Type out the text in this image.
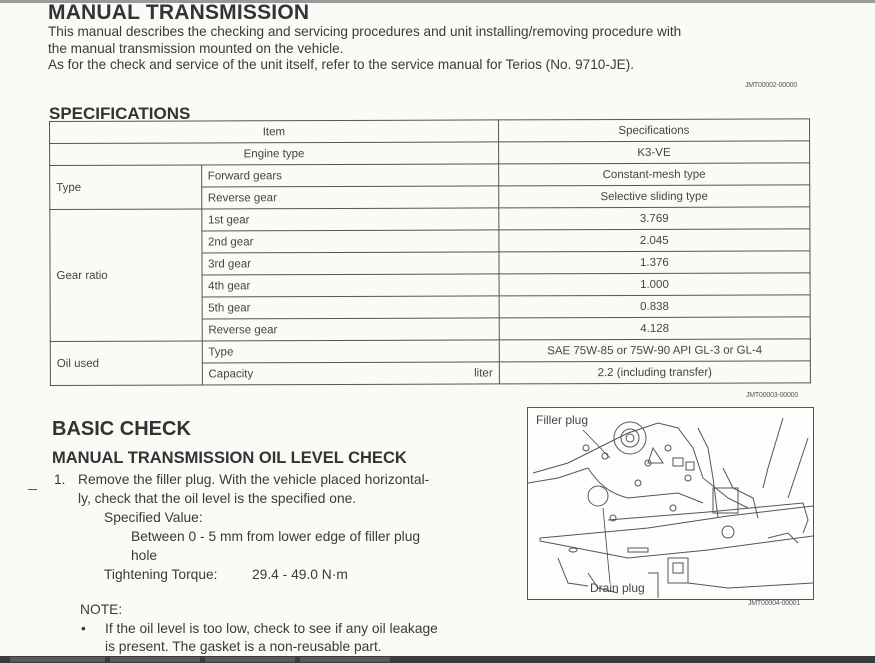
MANUAL TRANSMISSION
This manual describes the checking and servicing procedures and unit installing/removing procedure with
the manual transmission mounted on the vehicle.
As for the check and service of the unit itself, refer to the service manual for Terios (No. 9710-JE).
JMT00002-00000
SPECIFICATIONS
Item		Specifications
Engine type		K3-VE
Type	Forward gears	Constant-mesh type
	Reverse gear	Selective sliding type
Gear ratio	1st gear	3.769
	2nd gear	2.045
	3rd gear	1.376
	4th gear	1.000
	5th gear	0.838
	Reverse gear	4.128
Oil used	Type	SAE 75W-85 or 75W-90 API GL-3 or GL-4
	Capacity liter	2.2 (including transfer)
JMT00003-00000
BASIC CHECK
MANUAL TRANSMISSION OIL LEVEL CHECK
1. Remove the filler plug. With the vehicle placed horizontal-
ly, check that the oil level is the specified one.
Specified Value:
Between 0 - 5 mm from lower edge of filler plug
hole
Tightening Torque: 29.4 - 49.0 N·m
NOTE:
• If the oil level is too low, check to see if any oil leakage
is present. The gasket is a non-reusable part.
Filler plug
Drain plug
JMT00004-00001
